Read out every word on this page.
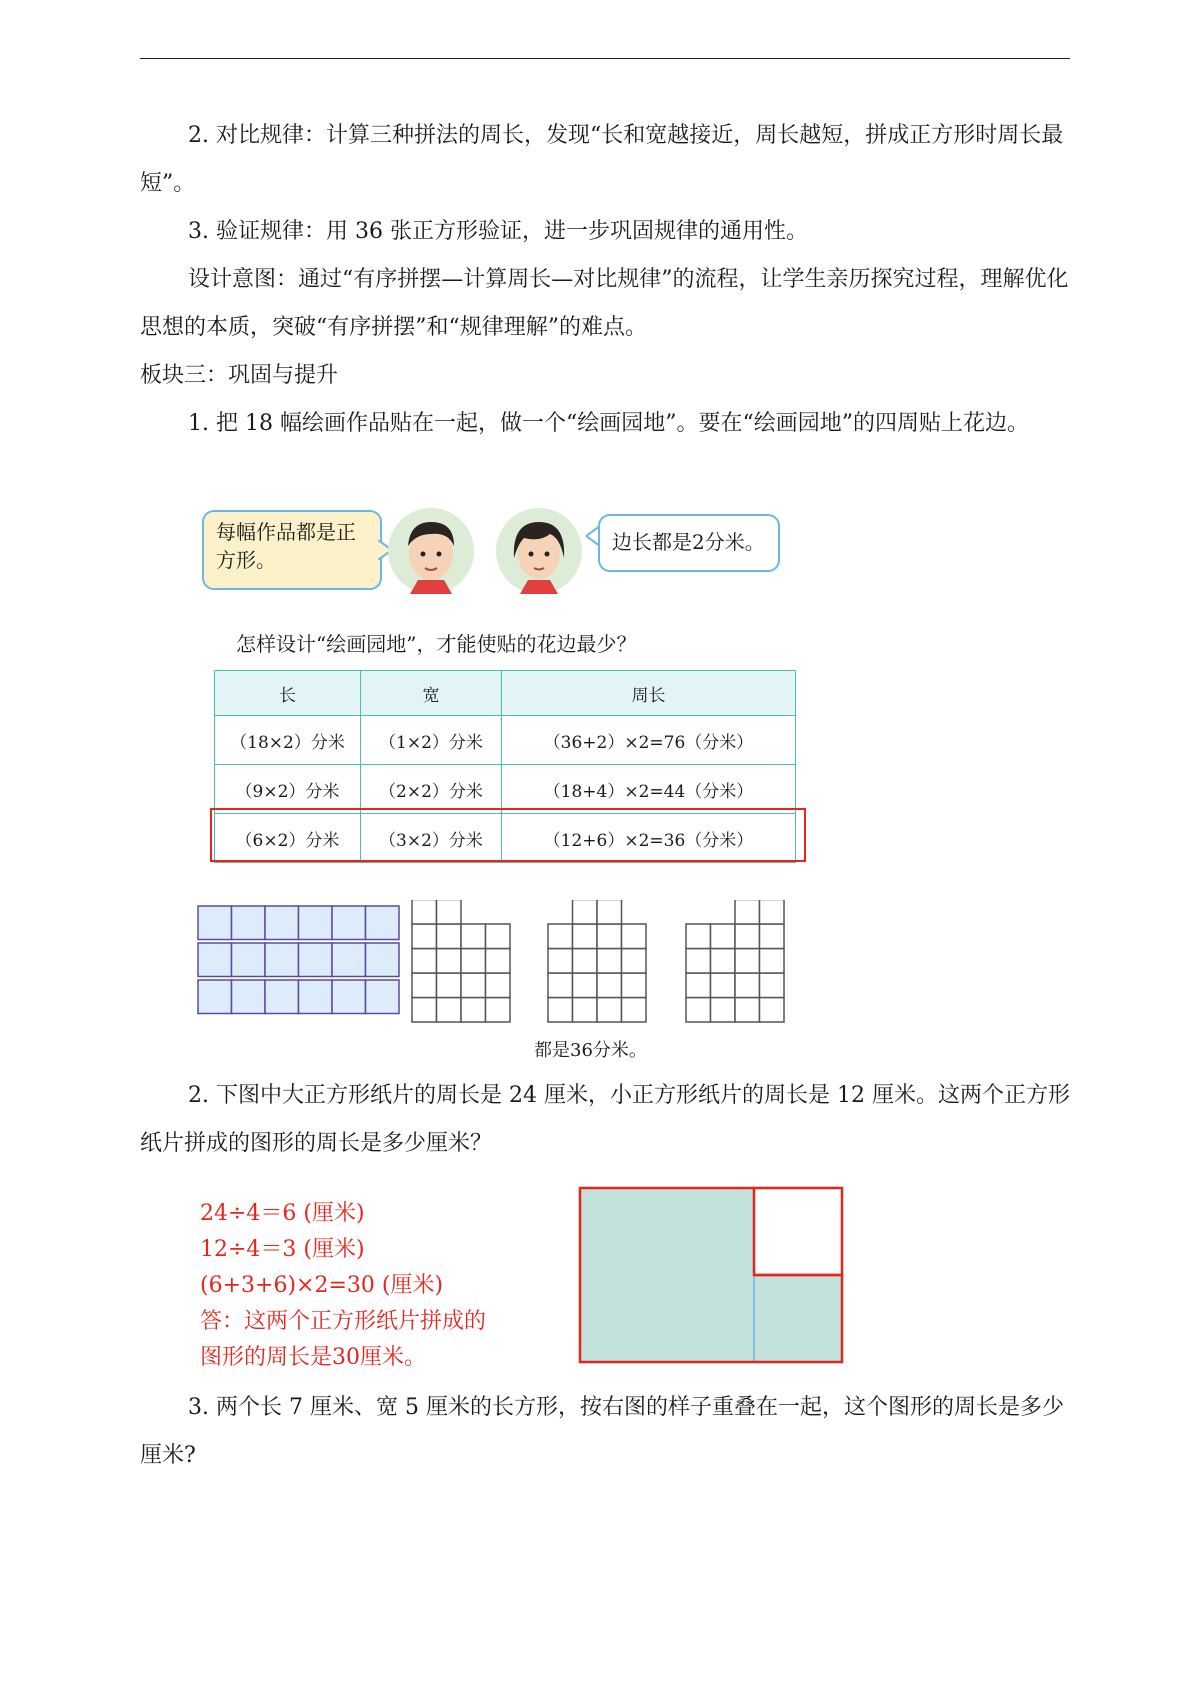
2. 对比规律：计算三种拼法的周长，发现“长和宽越接近，周长越短，拼成正方形时周长最短”。

3. 验证规律：用 36 张正方形验证，进一步巩固规律的通用性。

设计意图：通过“有序拼摆—计算周长—对比规律”的流程，让学生亲历探究过程，理解优化思想的本质，突破“有序拼摆”和“规律理解”的难点。

板块三：巩固与提升

1. 把 18 幅绘画作品贴在一起，做一个“绘画园地”。要在“绘画园地”的四周贴上花边。

每幅作品都是正方形。
边长都是2分米。
怎样设计“绘画园地”，才能使贴的花边最少？
长	宽	周长
（18×2）分米	（1×2）分米	（36+2）×2=76（分米）
（9×2）分米	（2×2）分米	（18+4）×2=44（分米）
（6×2）分米	（3×2）分米	（12+6）×2=36（分米）
都是36分米。

2. 下图中大正方形纸片的周长是 24 厘米，小正方形纸片的周长是 12 厘米。这两个正方形纸片拼成的图形的周长是多少厘米？

24÷4＝6 (厘米)
12÷4＝3 (厘米)
(6+3+6)×2=30 (厘米)
答：这两个正方形纸片拼成的
图形的周长是30厘米。

3. 两个长 7 厘米、宽 5 厘米的长方形，按右图的样子重叠在一起，这个图形的周长是多少厘米?
